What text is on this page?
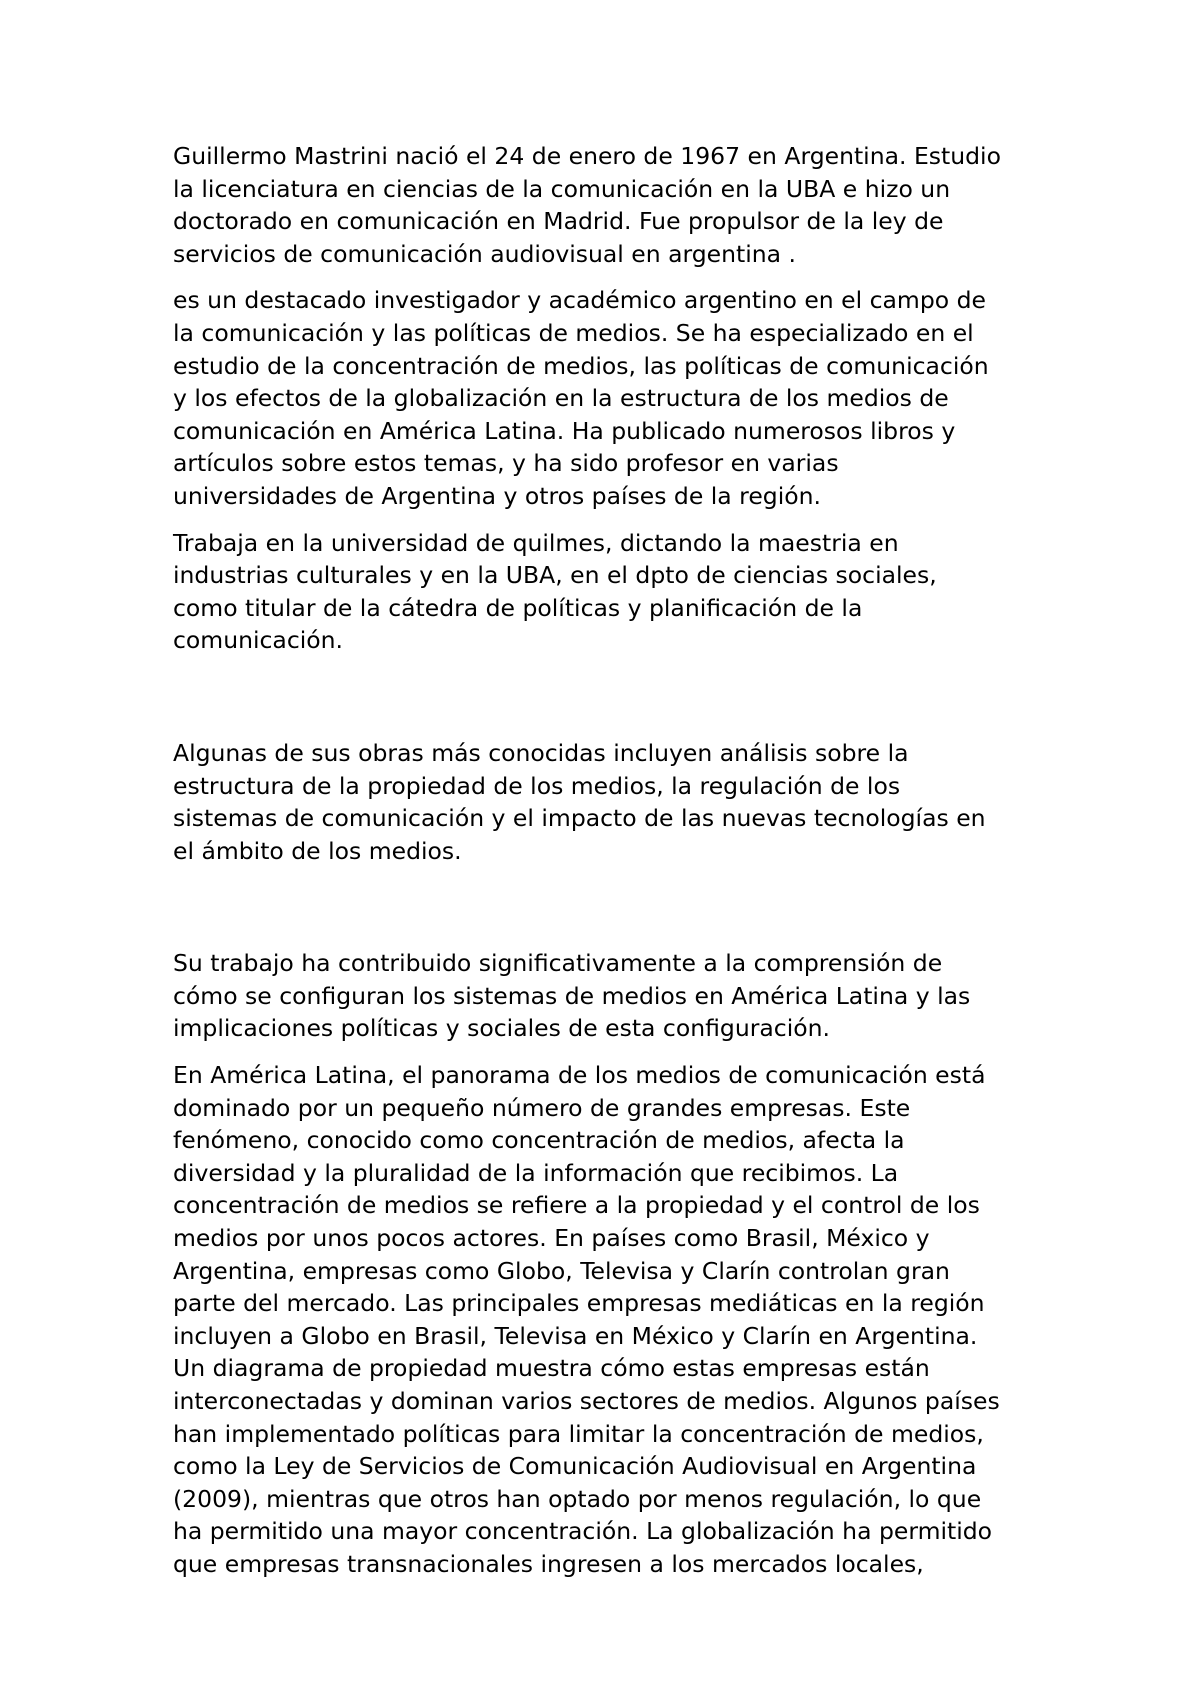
Guillermo Mastrini nació el 24 de enero de 1967 en Argentina. Estudio
la licenciatura en ciencias de la comunicación en la UBA e hizo un
doctorado en comunicación en Madrid. Fue propulsor de la ley de
servicios de comunicación audiovisual en argentina .

es un destacado investigador y académico argentino en el campo de
la comunicación y las políticas de medios. Se ha especializado en el
estudio de la concentración de medios, las políticas de comunicación
y los efectos de la globalización en la estructura de los medios de
comunicación en América Latina. Ha publicado numerosos libros y
artículos sobre estos temas, y ha sido profesor en varias
universidades de Argentina y otros países de la región.

Trabaja en la universidad de quilmes, dictando la maestria en
industrias culturales y en la UBA, en el dpto de ciencias sociales,
como titular de la cátedra de políticas y planificación de la
comunicación.

Algunas de sus obras más conocidas incluyen análisis sobre la
estructura de la propiedad de los medios, la regulación de los
sistemas de comunicación y el impacto de las nuevas tecnologías en
el ámbito de los medios.

Su trabajo ha contribuido significativamente a la comprensión de
cómo se configuran los sistemas de medios en América Latina y las
implicaciones políticas y sociales de esta configuración.

En América Latina, el panorama de los medios de comunicación está
dominado por un pequeño número de grandes empresas. Este
fenómeno, conocido como concentración de medios, afecta la
diversidad y la pluralidad de la información que recibimos. La
concentración de medios se refiere a la propiedad y el control de los
medios por unos pocos actores. En países como Brasil, México y
Argentina, empresas como Globo, Televisa y Clarín controlan gran
parte del mercado. Las principales empresas mediáticas en la región
incluyen a Globo en Brasil, Televisa en México y Clarín en Argentina.
Un diagrama de propiedad muestra cómo estas empresas están
interconectadas y dominan varios sectores de medios. Algunos países
han implementado políticas para limitar la concentración de medios,
como la Ley de Servicios de Comunicación Audiovisual en Argentina
(2009), mientras que otros han optado por menos regulación, lo que
ha permitido una mayor concentración. La globalización ha permitido
que empresas transnacionales ingresen a los mercados locales,
